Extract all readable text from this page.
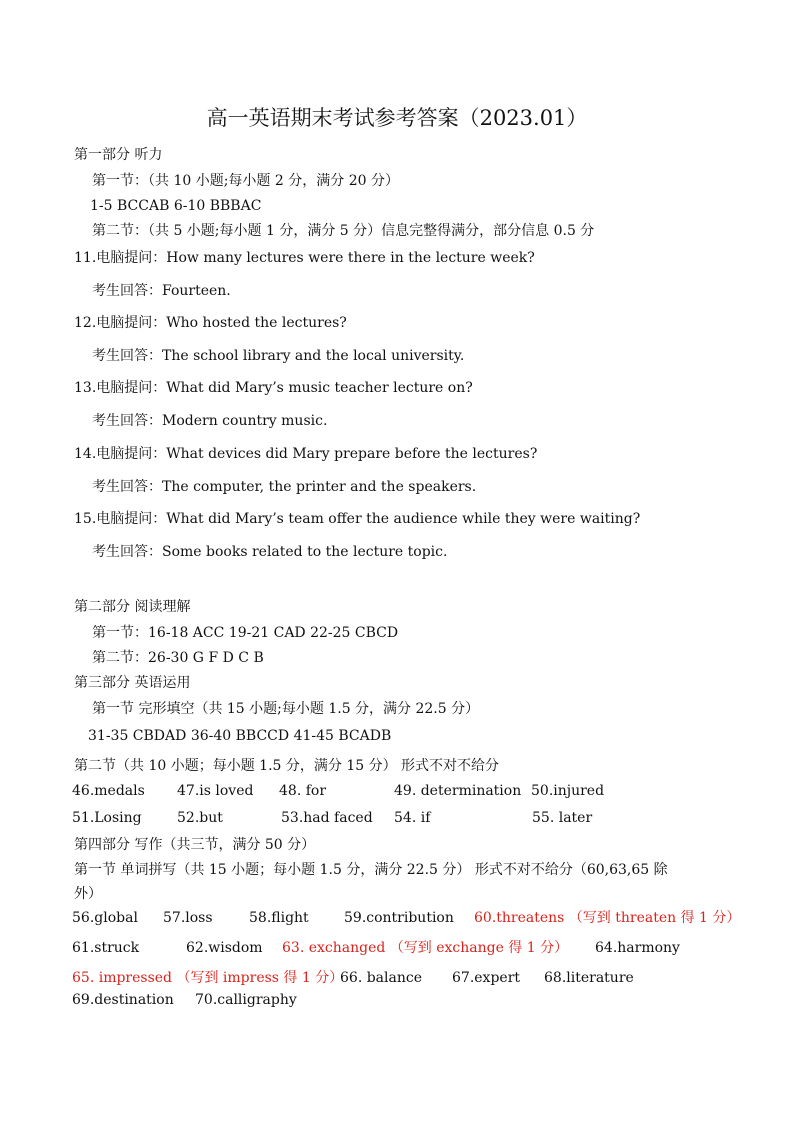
高一英语期末考试参考答案（2023.01）
第一部分 听力
第一节：（共 10 小题;每小题 2 分，满分 20 分）
1-5 BCCAB 6-10 BBBAC
第二节：（共 5 小题;每小题 1 分，满分 5 分）信息完整得满分，部分信息 0.5 分
11.电脑提问：How many lectures were there in the lecture week?
考生回答：Fourteen.
12.电脑提问：Who hosted the lectures?
考生回答：The school library and the local university.
13.电脑提问：What did Mary’s music teacher lecture on?
考生回答：Modern country music.
14.电脑提问：What devices did Mary prepare before the lectures?
考生回答：The computer, the printer and the speakers.
15.电脑提问：What did Mary’s team offer the audience while they were waiting?
考生回答：Some books related to the lecture topic.
第二部分 阅读理解
第一节：16-18 ACC 19-21 CAD 22-25 CBCD
第二节：26-30 G F D C B
第三部分 英语运用
第一节 完形填空（共 15 小题;每小题 1.5 分，满分 22.5 分）
31-35 CBDAD 36-40 BBCCD 41-45 BCADB
第二节（共 10 小题；每小题 1.5 分，满分 15 分） 形式不对不给分
46.medals 47.is loved 48. for	49. determination 50.injured
51.Losing	52.but	53.had faced 54. if	55. later
第四部分 写作（共三节，满分 50 分）
第一节 单词拼写（共 15 小题；每小题 1.5 分，满分 22.5 分） 形式不对不给分（60,63,65 除
外）
56.global 57.loss	58.flight	59.contribution 60.threatens （写到 threaten 得 1 分）
61.struck	62.wisdom 63. exchanged （写到 exchange 得 1 分） 64.harmony
65. impressed （写到 impress 得 1 分）
66. balance 67.expert 68.literature
69.destination 70.calligraphy
